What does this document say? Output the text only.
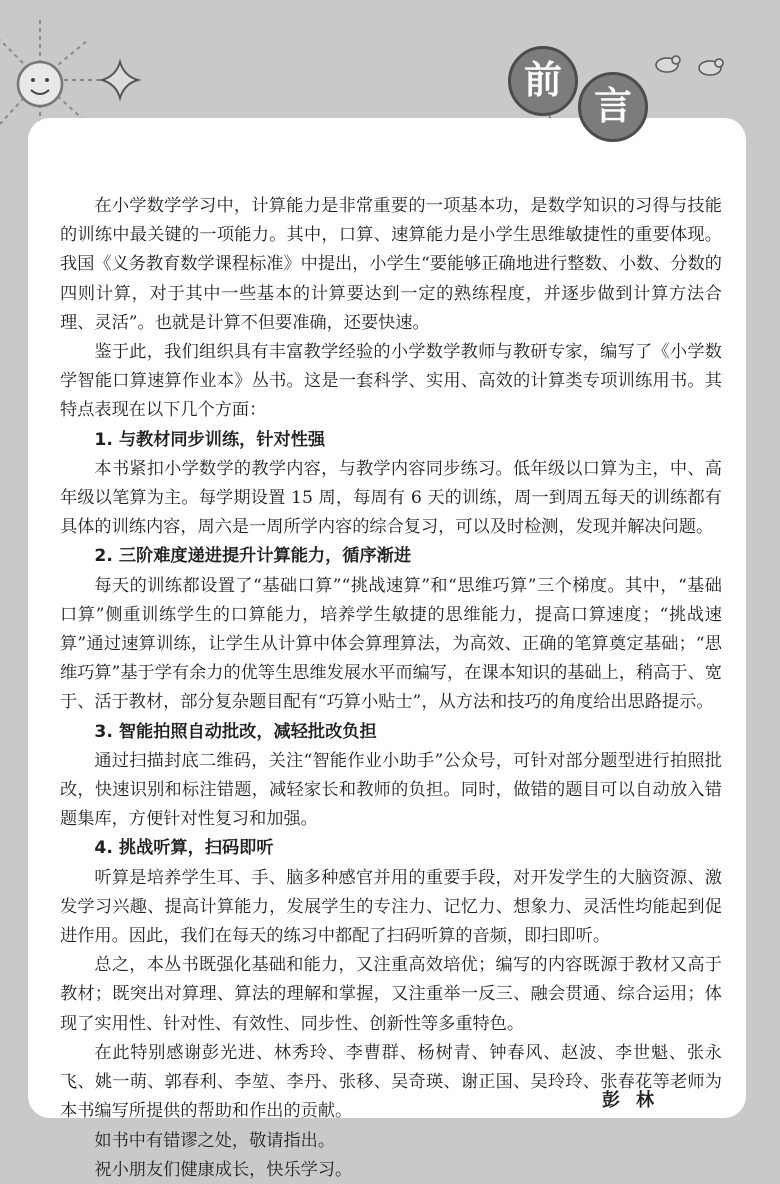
前
言

在小学数学学习中，计算能力是非常重要的一项基本功，是数学知识的习得与技能的训练中最关键的一项能力。其中，口算、速算能力是小学生思维敏捷性的重要体现。我国《义务教育数学课程标准》中提出，小学生“要能够正确地进行整数、小数、分数的四则计算，对于其中一些基本的计算要达到一定的熟练程度，并逐步做到计算方法合理、灵活”。也就是计算不但要准确，还要快速。

鉴于此，我们组织具有丰富教学经验的小学数学教师与教研专家，编写了《小学数学智能口算速算作业本》丛书。这是一套科学、实用、高效的计算类专项训练用书。其特点表现在以下几个方面：

1. 与教材同步训练，针对性强

本书紧扣小学数学的教学内容，与教学内容同步练习。低年级以口算为主，中、高年级以笔算为主。每学期设置 15 周，每周有 6 天的训练，周一到周五每天的训练都有具体的训练内容，周六是一周所学内容的综合复习，可以及时检测，发现并解决问题。

2. 三阶难度递进提升计算能力，循序渐进

每天的训练都设置了“基础口算”“挑战速算”和“思维巧算”三个梯度。其中，“基础口算”侧重训练学生的口算能力，培养学生敏捷的思维能力，提高口算速度；“挑战速算”通过速算训练，让学生从计算中体会算理算法，为高效、正确的笔算奠定基础；“思维巧算”基于学有余力的优等生思维发展水平而编写，在课本知识的基础上，稍高于、宽于、活于教材，部分复杂题目配有“巧算小贴士”，从方法和技巧的角度给出思路提示。

3. 智能拍照自动批改，减轻批改负担

通过扫描封底二维码，关注“智能作业小助手”公众号，可针对部分题型进行拍照批改，快速识别和标注错题，减轻家长和教师的负担。同时，做错的题目可以自动放入错题集库，方便针对性复习和加强。

4. 挑战听算，扫码即听

听算是培养学生耳、手、脑多种感官并用的重要手段，对开发学生的大脑资源、激发学习兴趣、提高计算能力，发展学生的专注力、记忆力、想象力、灵活性均能起到促进作用。因此，我们在每天的练习中都配了扫码听算的音频，即扫即听。

总之，本丛书既强化基础和能力，又注重高效培优；编写的内容既源于教材又高于教材；既突出对算理、算法的理解和掌握，又注重举一反三、融会贯通、综合运用；体现了实用性、针对性、有效性、同步性、创新性等多重特色。

在此特别感谢彭光进、林秀玲、李曹群、杨树青、钟春风、赵波、李世魁、张永飞、姚一萌、郭春利、李堃、李丹、张移、吴奇瑛、谢正国、吴玲玲、张春花等老师为本书编写所提供的帮助和作出的贡献。

如书中有错谬之处，敬请指出。

祝小朋友们健康成长，快乐学习。

彭林
